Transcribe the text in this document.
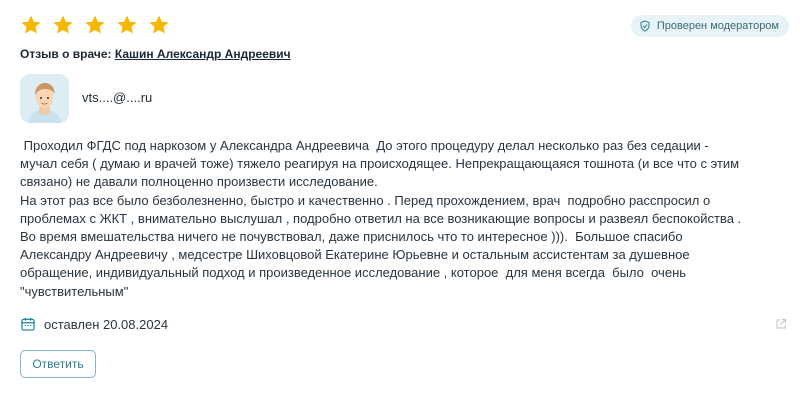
Проверен модератором
Отзыв о враче: Кашин Александр Андреевич
vts....@....ru
Проходил ФГДС под наркозом у Александра Андреевича  До этого процедуру делал несколько раз без седации -
мучал себя ( думаю и врачей тоже) тяжело реагируя на происходящее. Непрекращающаяся тошнота (и все что с этим
связано) не давали полноценно произвести исследование.
На этот раз все было безболезненно, быстро и качественно . Перед прохождением, врач  подробно расспросил о
проблемах с ЖКТ , внимательно выслушал , подробно ответил на все возникающие вопросы и развеял беспокойства .
Во время вмешательства ничего не почувствовал, даже приснилось что то интересное ))).  Большое спасибо
Александру Андреевичу , медсестре Шиховцовой Екатерине Юрьевне и остальным ассистентам за душевное
обращение, индивидуальный подход и произведенное исследование , которое  для меня всегда  было  очень
"чувствительным"
оставлен 20.08.2024
Ответить
